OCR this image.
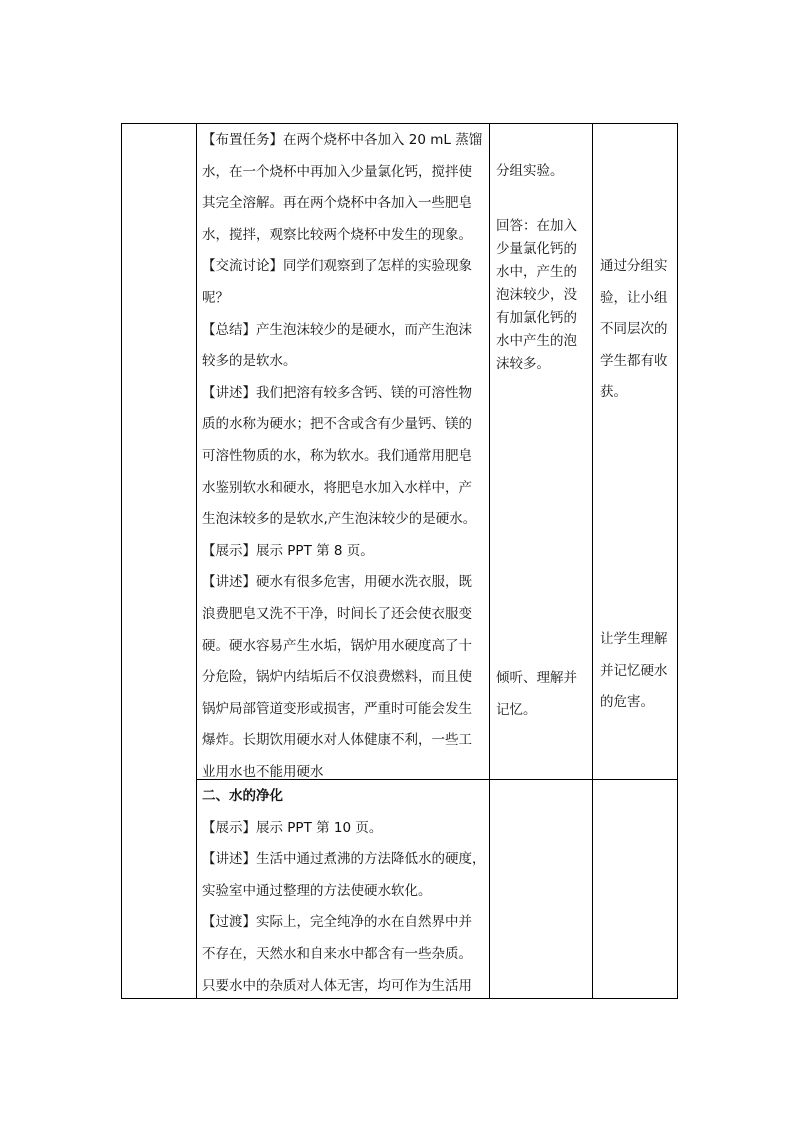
【布置任务】在两个烧杯中各加入 20 mL 蒸馏

水，在一个烧杯中再加入少量氯化钙，搅拌使

其完全溶解。再在两个烧杯中各加入一些肥皂

水，搅拌，观察比较两个烧杯中发生的现象。

【交流讨论】同学们观察到了怎样的实验现象

呢？

【总结】产生泡沫较少的是硬水，而产生泡沫

较多的是软水。

【讲述】我们把溶有较多含钙、镁的可溶性物

质的水称为硬水；把不含或含有少量钙、镁的

可溶性物质的水，称为软水。我们通常用肥皂

水鉴别软水和硬水，将肥皂水加入水样中，产

生泡沫较多的是软水,产生泡沫较少的是硬水。

【展示】展示 PPT 第 8 页。

【讲述】硬水有很多危害，用硬水洗衣服，既

浪费肥皂又洗不干净，时间长了还会使衣服变

硬。硬水容易产生水垢，锅炉用水硬度高了十

分危险，锅炉内结垢后不仅浪费燃料，而且使

锅炉局部管道变形或损害，严重时可能会发生

爆炸。长期饮用硬水对人体健康不利，一些工

业用水也不能用硬水

分组实验。

回答：在加入

少量氯化钙的

水中，产生的

泡沫较少，没

有加氯化钙的

水中产生的泡

沫较多。

倾听、理解并

记忆。

通过分组实

验，让小组

不同层次的

学生都有收

获。

让学生理解

并记忆硬水

的危害。

二、水的净化

【展示】展示 PPT 第 10 页。

【讲述】生活中通过煮沸的方法降低水的硬度，

实验室中通过整理的方法使硬水软化。

【过渡】实际上，完全纯净的水在自然界中并

不存在，天然水和自来水中都含有一些杂质。

只要水中的杂质对人体无害，均可作为生活用
